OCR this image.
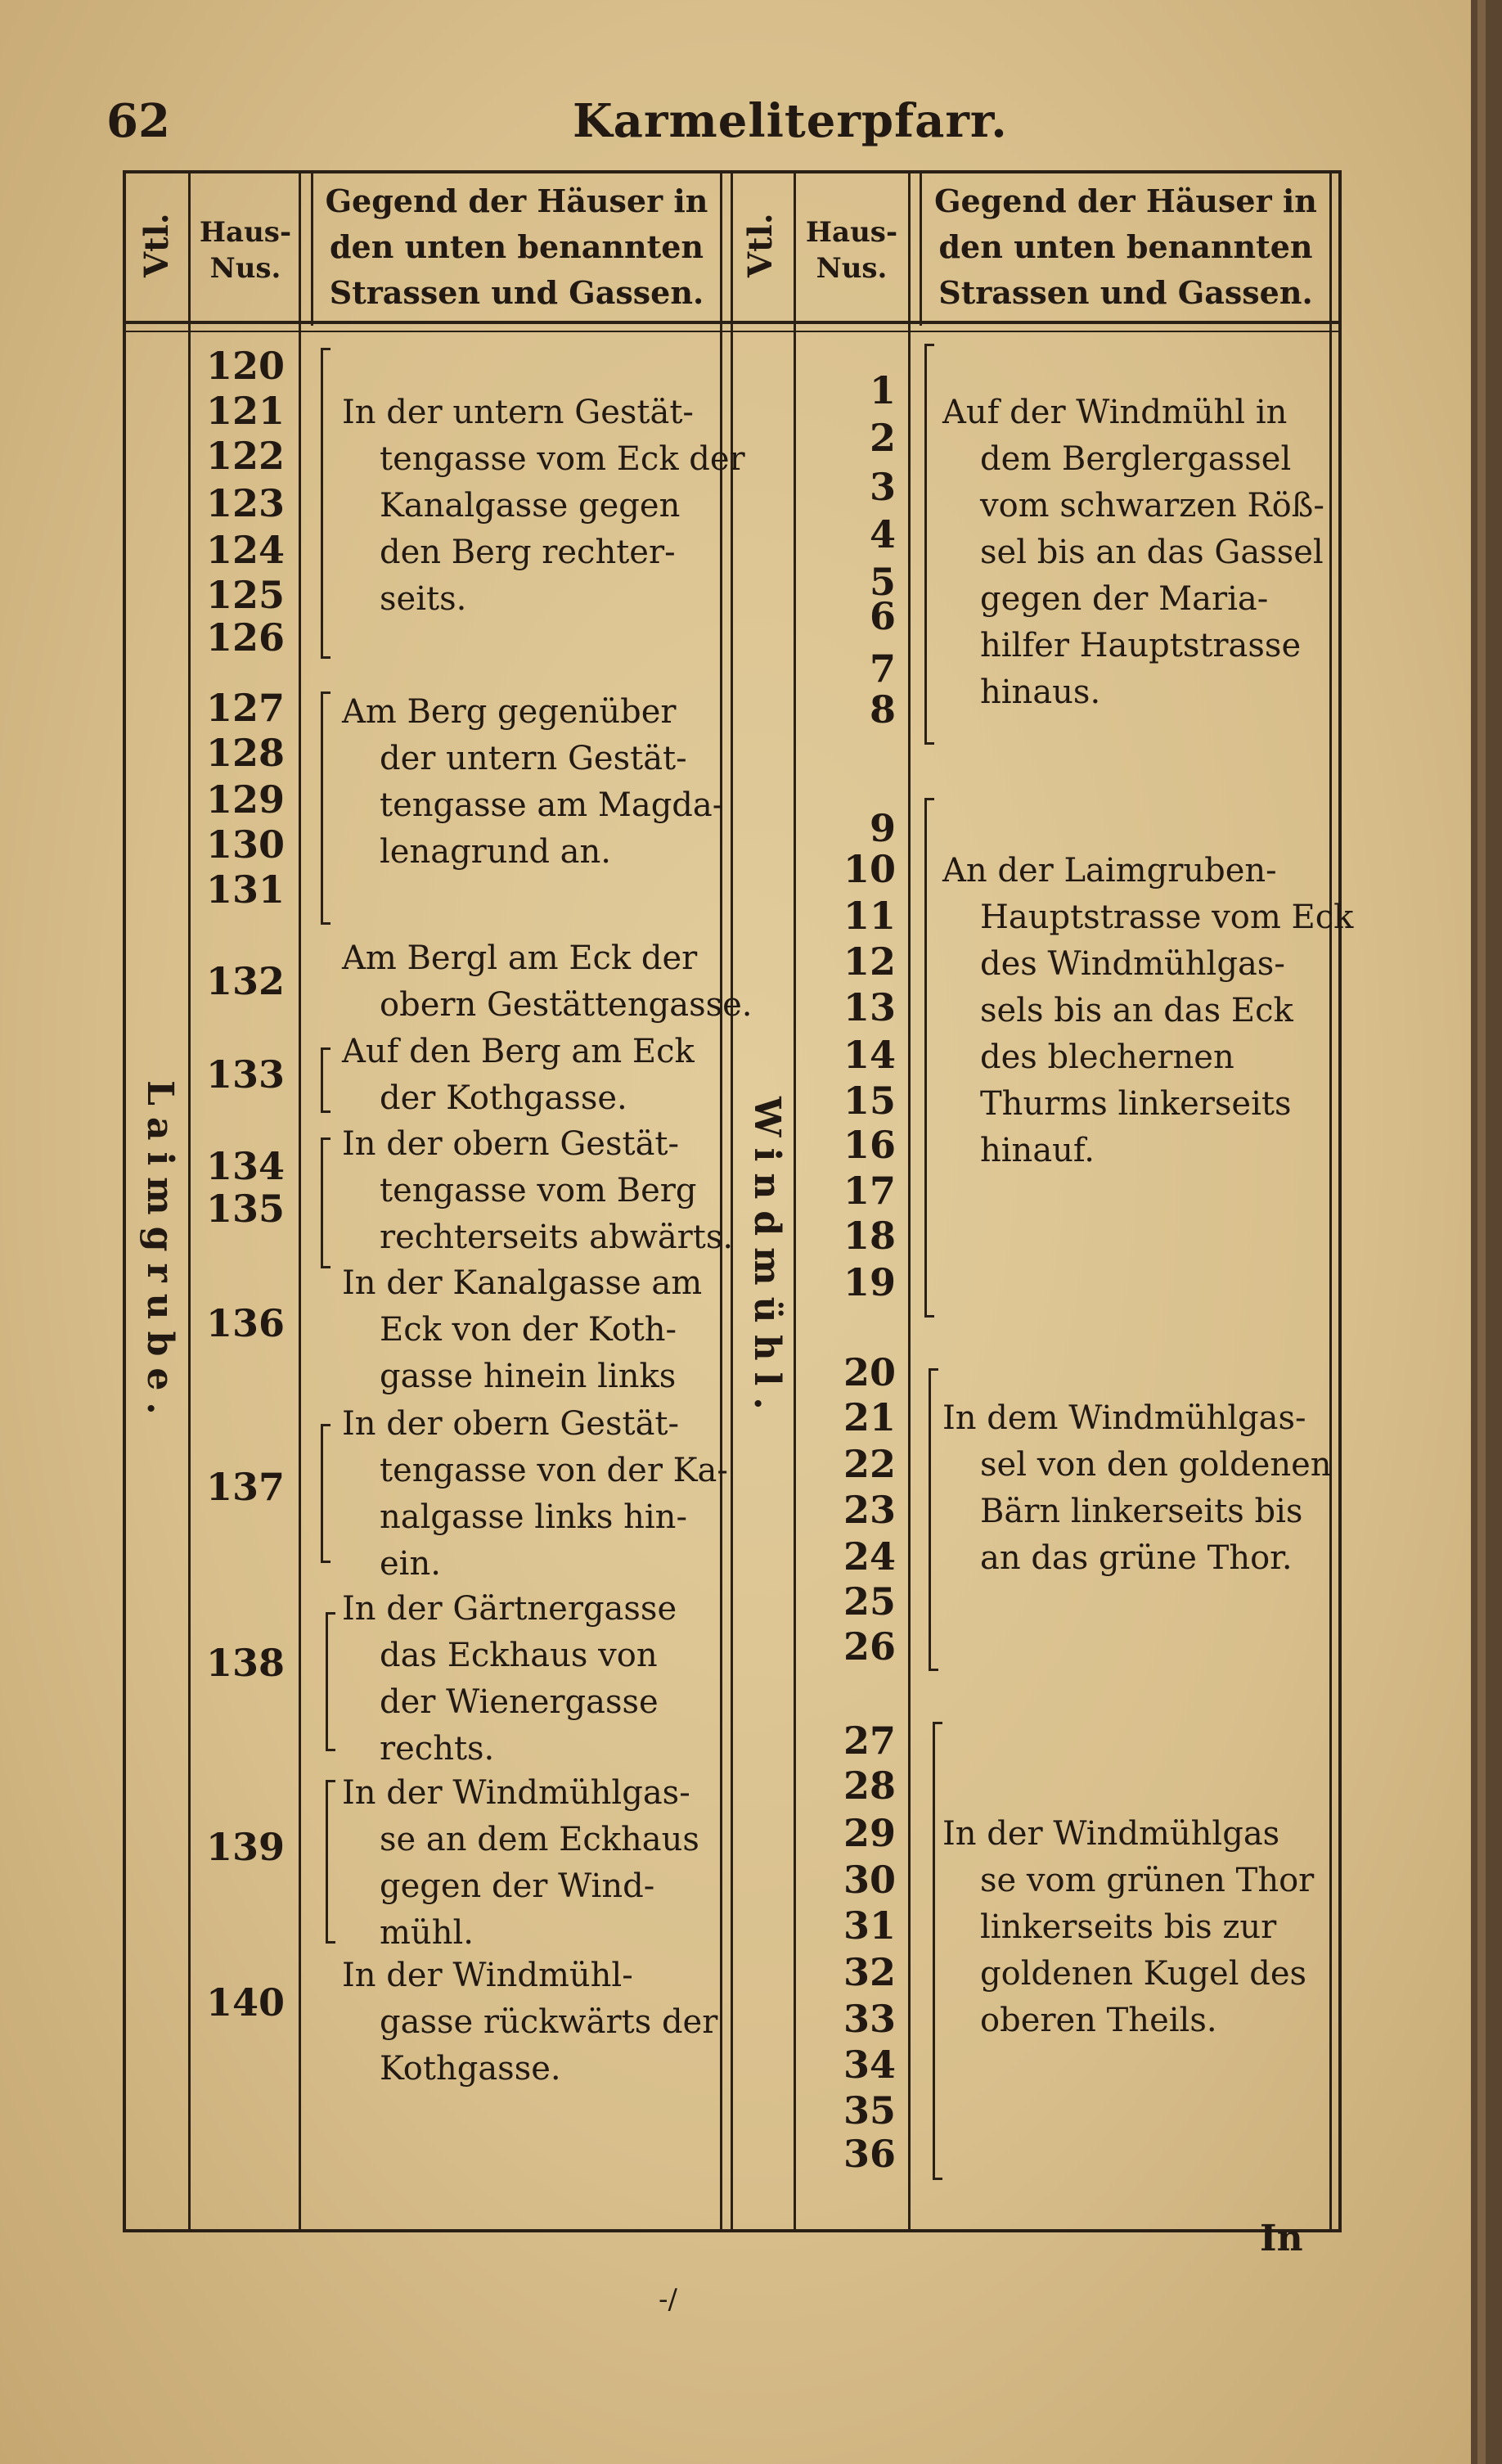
62	Karmeliterpfarr.
Vtl. Haus-
Nus.
Gegend der Häuser in
den unten benannten
Strassen und Gassen.
Vtl. Haus-
Nus.
Gegend der Häuser in
den unten benannten
Strassen und Gassen.
Laimgrube.	Windmühl.
120
121
122
123
124
125
126
127
128
129
130
131
132
133
134
135
136
137
138
139
140
In der untern Gestät-
tengasse vom Eck der
Kanalgasse gegen
den Berg rechter-
seits.
Am Berg gegenüber
der untern Gestät-
tengasse am Magda-
lenagrund an.
Am Bergl am Eck der
obern Gestättengasse.
Auf den Berg am Eck
der Kothgasse.
In der obern Gestät-
tengasse vom Berg
rechterseits abwärts.
In der Kanalgasse am
Eck von der Koth-
gasse hinein links
In der obern Gestät-
tengasse von der Ka-
nalgasse links hin-
ein.
In der Gärtnergasse
das Eckhaus von
der Wienergasse
rechts.
In der Windmühlgas-
se an dem Eckhaus
gegen der Wind-
mühl.
In der Windmühl-
gasse rückwärts der
Kothgasse.
1
2
3
4
5
6
7
8
9
10
11
12
13
14
15
16
17
18
19
20
21
22
23
24
25
26
27
28
29
30
31
32
33
34
35
36
Auf der Windmühl in
dem Berglergassel
vom schwarzen Röß-
sel bis an das Gassel
gegen der Maria-
hilfer Hauptstrasse
hinaus.
An der Laimgruben-
Hauptstrasse vom Eck
des Windmühlgas-
sels bis an das Eck
des blechernen
Thurms linkerseits
hinauf.
In dem Windmühlgas-
sel von den goldenen
Bärn linkerseits bis
an das grüne Thor.
In der Windmühlgas
se vom grünen Thor
linkerseits bis zur
goldenen Kugel des
oberen Theils.
In
-/
